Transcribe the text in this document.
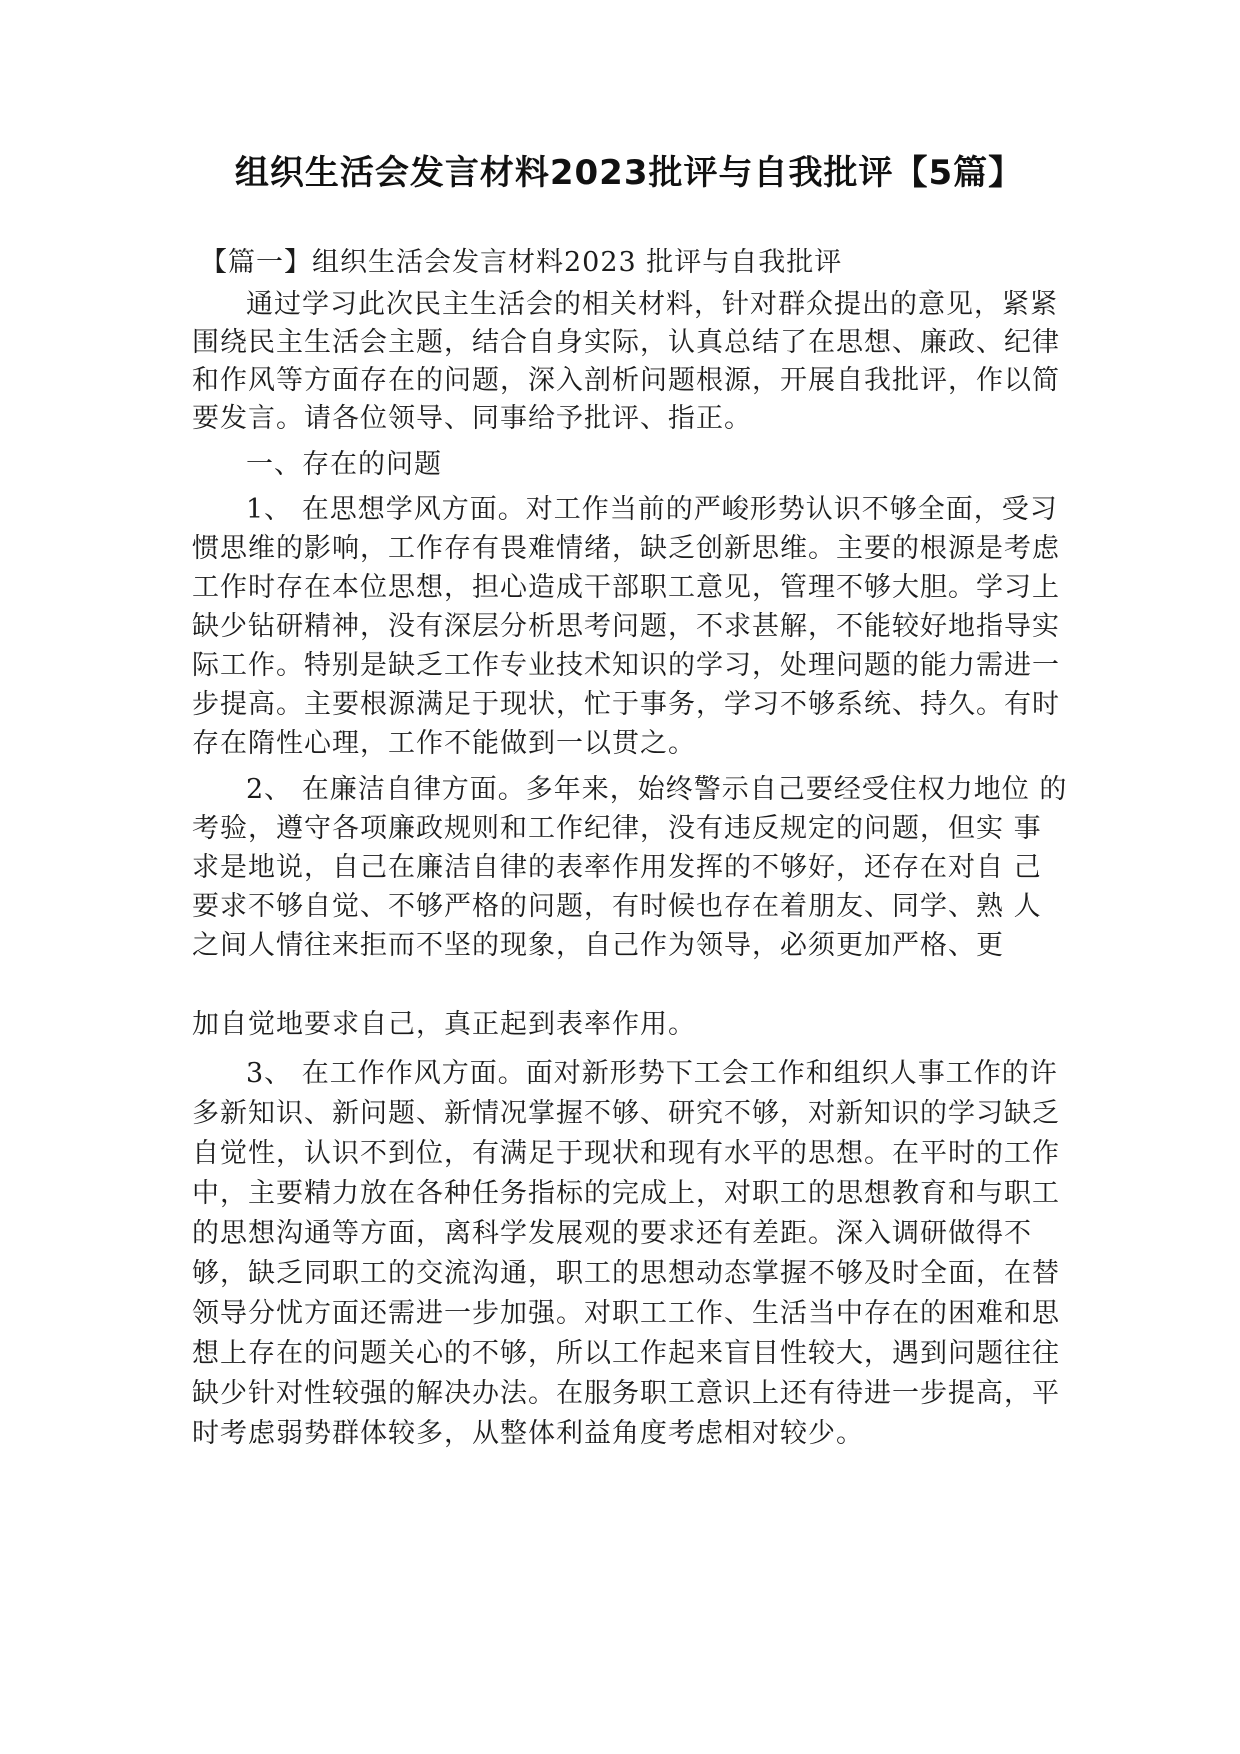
组织生活会发言材料2023批评与自我批评【5篇】
【篇一】组织生活会发言材料2023 批评与自我批评
通过学习此次民主生活会的相关材料，针对群众提出的意见，紧紧围绕民主生活会主题，结合自身实际，认真总结了在思想、廉政、纪律和作风等方面存在的问题，深入剖析问题根源，开展自我批评，作以简要发言。请各位领导、同事给予批评、指正。
一、存在的问题
1、 在思想学风方面。对工作当前的严峻形势认识不够全面，受习惯思维的影响，工作存有畏难情绪，缺乏创新思维。主要的根源是考虑工作时存在本位思想，担心造成干部职工意见，管理不够大胆。学习上缺少钻研精神，没有深层分析思考问题，不求甚解，不能较好地指导实际工作。特别是缺乏工作专业技术知识的学习，处理问题的能力需进一步提高。主要根源满足于现状，忙于事务，学习不够系统、持久。有时存在隋性心理，工作不能做到一以贯之。
2、 在廉洁自律方面。多年来，始终警示自己要经受住权力地位 的考验，遵守各项廉政规则和工作纪律，没有违反规定的问题，但实 事求是地说，自己在廉洁自律的表率作用发挥的不够好，还存在对自 己要求不够自觉、不够严格的问题，有时候也存在着朋友、同学、熟 人之间人情往来拒而不坚的现象，自己作为领导，必须更加严格、更
加自觉地要求自己，真正起到表率作用。
3、 在工作作风方面。面对新形势下工会工作和组织人事工作的许多新知识、新问题、新情况掌握不够、研究不够，对新知识的学习缺乏自觉性，认识不到位，有满足于现状和现有水平的思想。在平时的工作中，主要精力放在各种任务指标的完成上，对职工的思想教育和与职工的思想沟通等方面，离科学发展观的要求还有差距。深入调研做得不够，缺乏同职工的交流沟通，职工的思想动态掌握不够及时全面，在替领导分忧方面还需进一步加强。对职工工作、生活当中存在的困难和思想上存在的问题关心的不够，所以工作起来盲目性较大，遇到问题往往缺少针对性较强的解决办法。在服务职工意识上还有待进一步提高，平时考虑弱势群体较多，从整体利益角度考虑相对较少。
